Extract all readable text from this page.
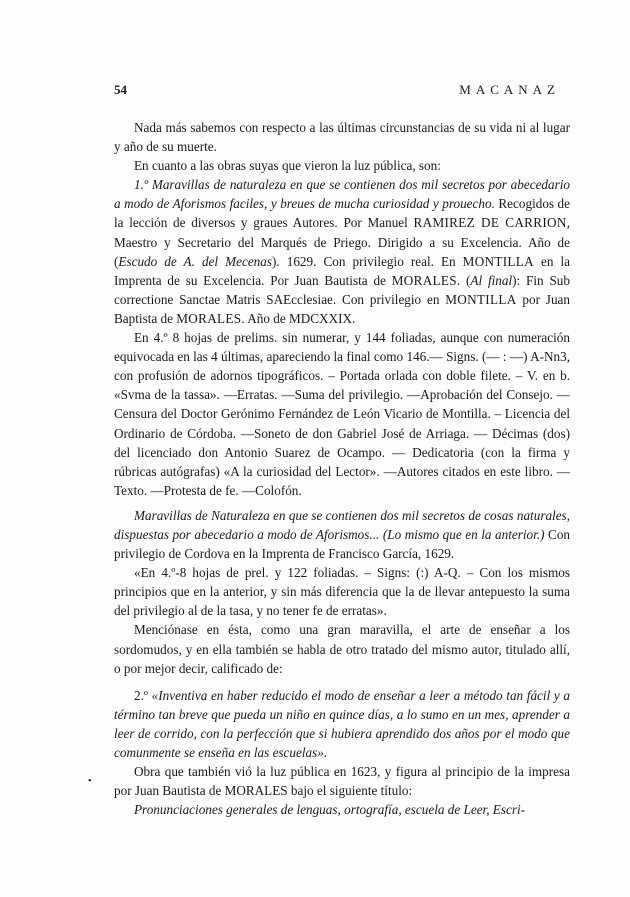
54	MACANAZ

Nada más sabemos con respecto a las últimas circunstancias de su vida ni al lugar y año de su muerte.

En cuanto a las obras suyas que vieron la luz pública, son:

1.º Maravillas de naturaleza en que se contienen dos mil secretos por abecedario a modo de Aforismos faciles, y breues de mucha curiosidad y prouecho. Recogidos de la lección de diversos y graues Autores. Por Manuel RAMIREZ DE CARRION, Maestro y Secretario del Marqués de Priego. Dirigido a su Excelencia. Año de (Escudo de A. del Mecenas). 1629. Con privilegio real. En MONTILLA en la Imprenta de su Excelencia. Por Juan Bautista de MORALES. (Al final): Fin Sub correctione Sanctae Matris SAEcclesiae. Con privilegio en MONTILLA por Juan Baptista de MORALES. Año de MDCXXIX.

En 4.º 8 hojas de prelims. sin numerar, y 144 foliadas, aunque con numeración equivocada en las 4 últimas, apareciendo la final como 146.— Signs. (— : —) A-Nn3, con profusión de adornos tipográficos. – Portada orlada con doble filete. – V. en b. «Svma de la tassa». —Erratas. —Suma del privilegio. —Aprobación del Consejo. —Censura del Doctor Gerónimo Fernández de León Vicario de Montilla. – Licencia del Ordinario de Córdoba. —Soneto de don Gabriel José de Arriaga. — Décimas (dos) del licenciado don Antonio Suarez de Ocampo. — Dedicatoria (con la firma y rúbricas autógrafas) «A la curiosidad del Lector». —Autores citados en este libro. —Texto. —Protesta de fe. —Colofón.

Maravillas de Naturaleza en que se contienen dos mil secretos de cosas naturales, dispuestas por abecedario a modo de Aforismos... (Lo mismo que en la anterior.) Con privilegio de Cordova en la Imprenta de Francisco García, 1629.

«En 4.º-8 hojas de prel. y 122 foliadas. – Signs: (:) A-Q. – Con los mismos principios que en la anterior, y sin más diferencia que la de llevar antepuesto la suma del privilegio al de la tasa, y no tener fe de erratas».

Menciónase en ésta, como una gran maravilla, el arte de enseñar a los sordomudos, y en ella también se habla de otro tratado del mismo autor, titulado allí, o por mejor decir, calificado de:

2.º «Inventiva en haber reducido el modo de enseñar a leer a método tan fácil y a término tan breve que pueda un niño en quince días, a lo sumo en un mes, aprender a leer de corrido, con la perfección que si hubiera aprendido dos años por el modo que comunmente se enseña en las escuelas».

Obra que también vió la luz pública en 1623, y figura al principio de la impresa por Juan Bautista de MORALES bajo el siguiente título:

Pronunciaciones generales de lenguas, ortografía, escuela de Leer, Escri-

•
